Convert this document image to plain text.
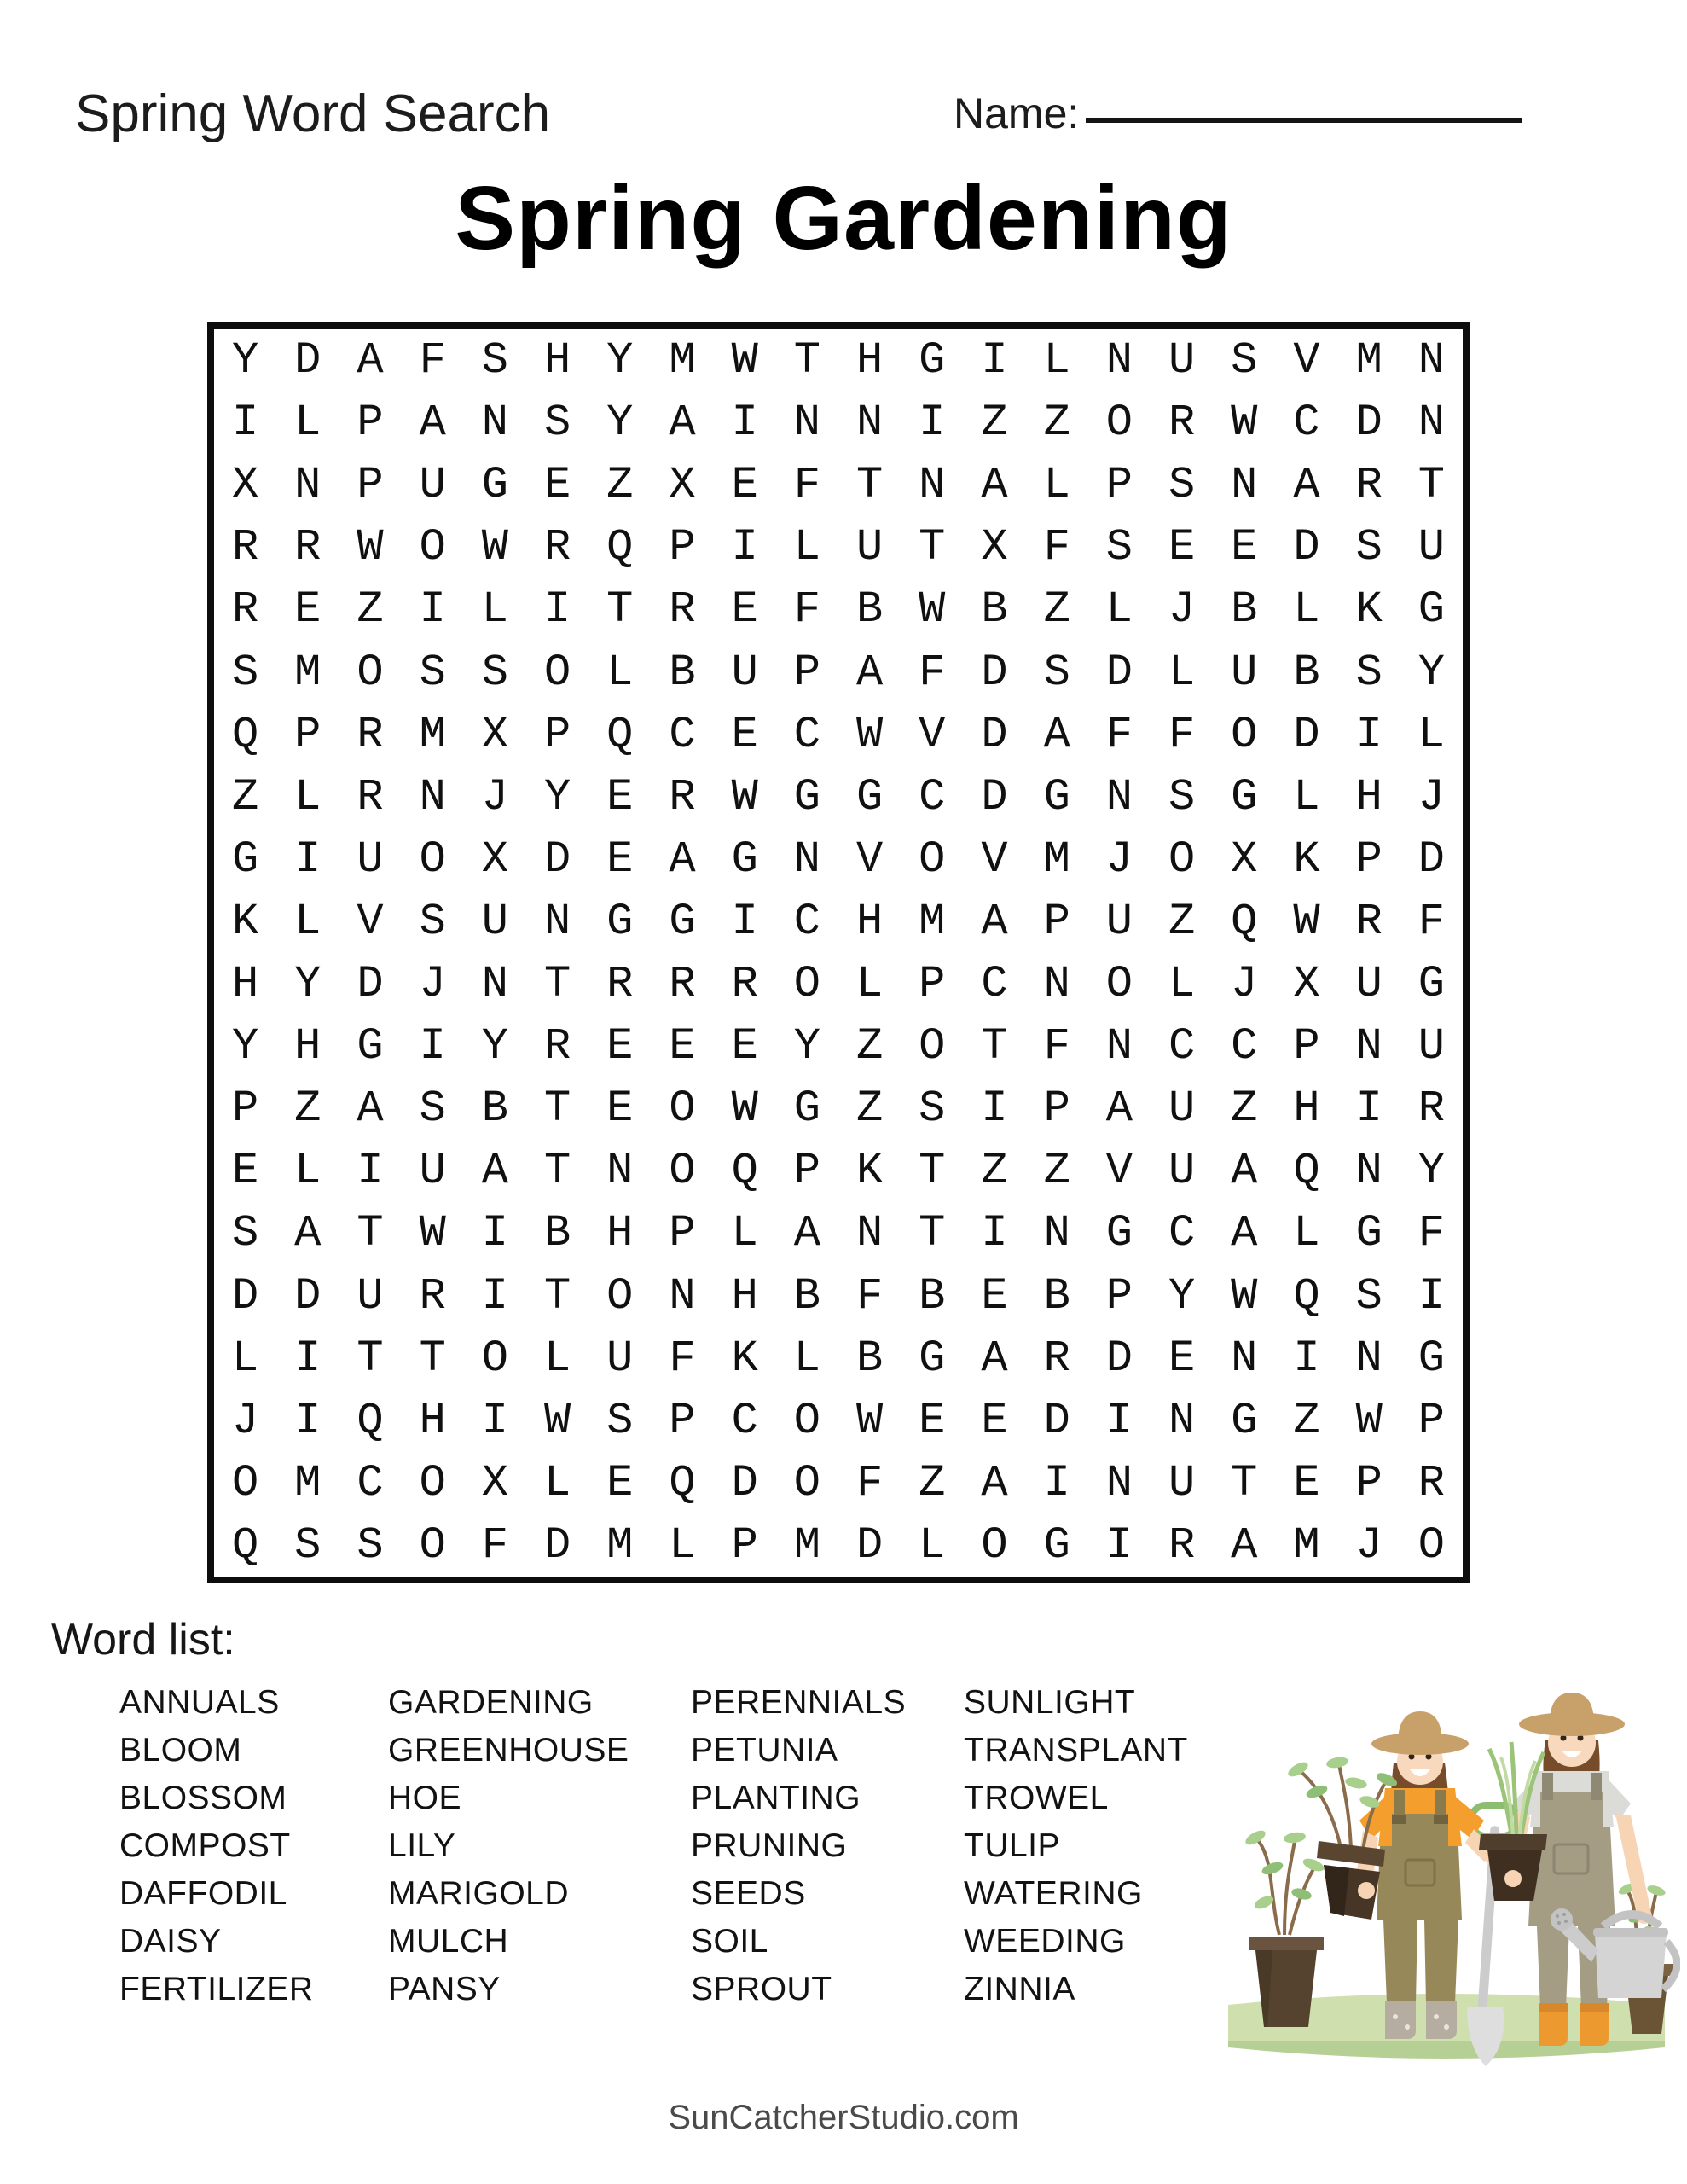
Spring Word Search	Name:
Spring Gardening
Y D A F S H Y M W T H G I L N U S V M N
I L P A N S Y A I N N I Z Z O R W C D N
X N P U G E Z X E F T N A L P S N A R T
R R W O W R Q P I L U T X F S E E D S U
R E Z I L I T R E F B W B Z L J B L K G
S M O S S O L B U P A F D S D L U B S Y
Q P R M X P Q C E C W V D A F F O D I L
Z L R N J Y E R W G G C D G N S G L H J
G I U O X D E A G N V O V M J O X K P D
K L V S U N G G I C H M A P U Z Q W R F
H Y D J N T R R R O L P C N O L J X U G
Y H G I Y R E E E Y Z O T F N C C P N U
P Z A S B T E O W G Z S I P A U Z H I R
E L I U A T N O Q P K T Z Z V U A Q N Y
S A T W I B H P L A N T I N G C A L G F
D D U R I T O N H B F B E B P Y W Q S I
L I T T O L U F K L B G A R D E N I N G
J I Q H I W S P C O W E E D I N G Z W P
O M C O X L E Q D O F Z A I N U T E P R
Q S S O F D M L P M D L O G I R A M J O
Word list:
ANNUALS
BLOOM
BLOSSOM
COMPOST
DAFFODIL
DAISY
FERTILIZER
GARDENING
GREENHOUSE
HOE
LILY
MARIGOLD
MULCH
PANSY
PERENNIALS
PETUNIA
PLANTING
PRUNING
SEEDS
SOIL
SPROUT
SUNLIGHT
TRANSPLANT
TROWEL
TULIP
WATERING
WEEDING
ZINNIA
SunCatcherStudio.com
